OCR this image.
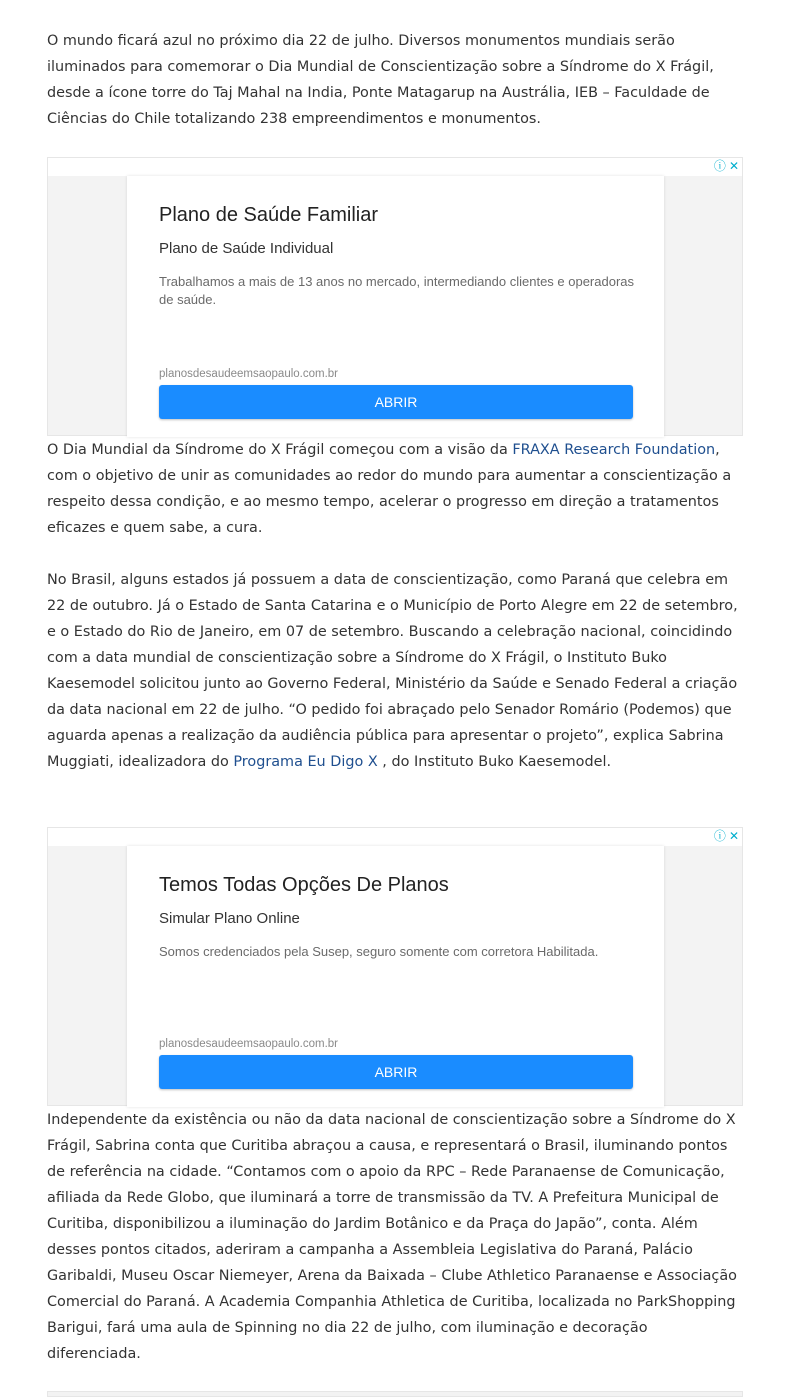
O mundo ficará azul no próximo dia 22 de julho. Diversos monumentos mundiais serão iluminados para comemorar o Dia Mundial de Conscientização sobre a Síndrome do X Frágil, desde a ícone torre do Taj Mahal na India, Ponte Matagarup na Austrália, IEB – Faculdade de Ciências do Chile totalizando 238 empreendimentos e monumentos.

ⓘ ✕
Plano de Saúde Familiar
Plano de Saúde Individual
Trabalhamos a mais de 13 anos no mercado, intermediando clientes e operadoras de saúde.
planosdesaudeemsaopaulo.com.br
ABRIR

O Dia Mundial da Síndrome do X Frágil começou com a visão da FRAXA Research Foundation, com o objetivo de unir as comunidades ao redor do mundo para aumentar a conscientização a respeito dessa condição, e ao mesmo tempo, acelerar o progresso em direção a tratamentos eficazes e quem sabe, a cura.

No Brasil, alguns estados já possuem a data de conscientização, como Paraná que celebra em 22 de outubro. Já o Estado de Santa Catarina e o Município de Porto Alegre em 22 de setembro, e o Estado do Rio de Janeiro, em 07 de setembro. Buscando a celebração nacional, coincidindo com a data mundial de conscientização sobre a Síndrome do X Frágil, o Instituto Buko Kaesemodel solicitou junto ao Governo Federal, Ministério da Saúde e Senado Federal a criação da data nacional em 22 de julho. “O pedido foi abraçado pelo Senador Romário (Podemos) que aguarda apenas a realização da audiência pública para apresentar o projeto”, explica Sabrina Muggiati, idealizadora do Programa Eu Digo X , do Instituto Buko Kaesemodel.

ⓘ ✕
Temos Todas Opções De Planos
Simular Plano Online
Somos credenciados pela Susep, seguro somente com corretora Habilitada.
planosdesaudeemsaopaulo.com.br
ABRIR

Independente da existência ou não da data nacional de conscientização sobre a Síndrome do X Frágil, Sabrina conta que Curitiba abraçou a causa, e representará o Brasil, iluminando pontos de referência na cidade. “Contamos com o apoio da RPC – Rede Paranaense de Comunicação, afiliada da Rede Globo, que iluminará a torre de transmissão da TV. A Prefeitura Municipal de Curitiba, disponibilizou a iluminação do Jardim Botânico e da Praça do Japão”, conta. Além desses pontos citados, aderiram a campanha a Assembleia Legislativa do Paraná, Palácio Garibaldi, Museu Oscar Niemeyer, Arena da Baixada – Clube Athletico Paranaense e Associação Comercial do Paraná. A Academia Companhia Athletica de Curitiba, localizada no ParkShopping Barigui, fará uma aula de Spinning no dia 22 de julho, com iluminação e decoração diferenciada.
